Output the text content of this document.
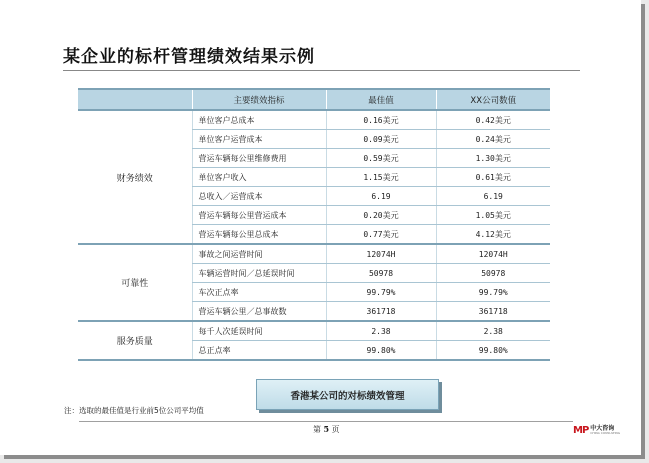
某企业的标杆管理绩效结果示例
	主要绩效指标	最佳值	XX公司数值
财务绩效	单位客户总成本	0.16美元	0.42美元
	单位客户运营成本	0.09美元	0.24美元
	营运车辆每公里维修费用	0.59美元	1.30美元
	单位客户收入	1.15美元	0.61美元
	总收入／运营成本	6.19	6.19
	营运车辆每公里营运成本	0.20美元	1.05美元
	营运车辆每公里总成本	0.77美元	4.12美元
可靠性	事故之间运营时间	12074H	12074H
	车辆运营时间／总延误时间	50978	50978
	车次正点率	99.79%	99.79%
	营运车辆公里／总事故数	361718	361718
服务质量	每千人次延误时间	2.38	2.38
	总正点率	99.80%	99.80%
香港某公司的对标绩效管理
注：选取的最佳值是行业前5位公司平均值
第 5 页	MP 中大咨询
CHINA CONSULTING
